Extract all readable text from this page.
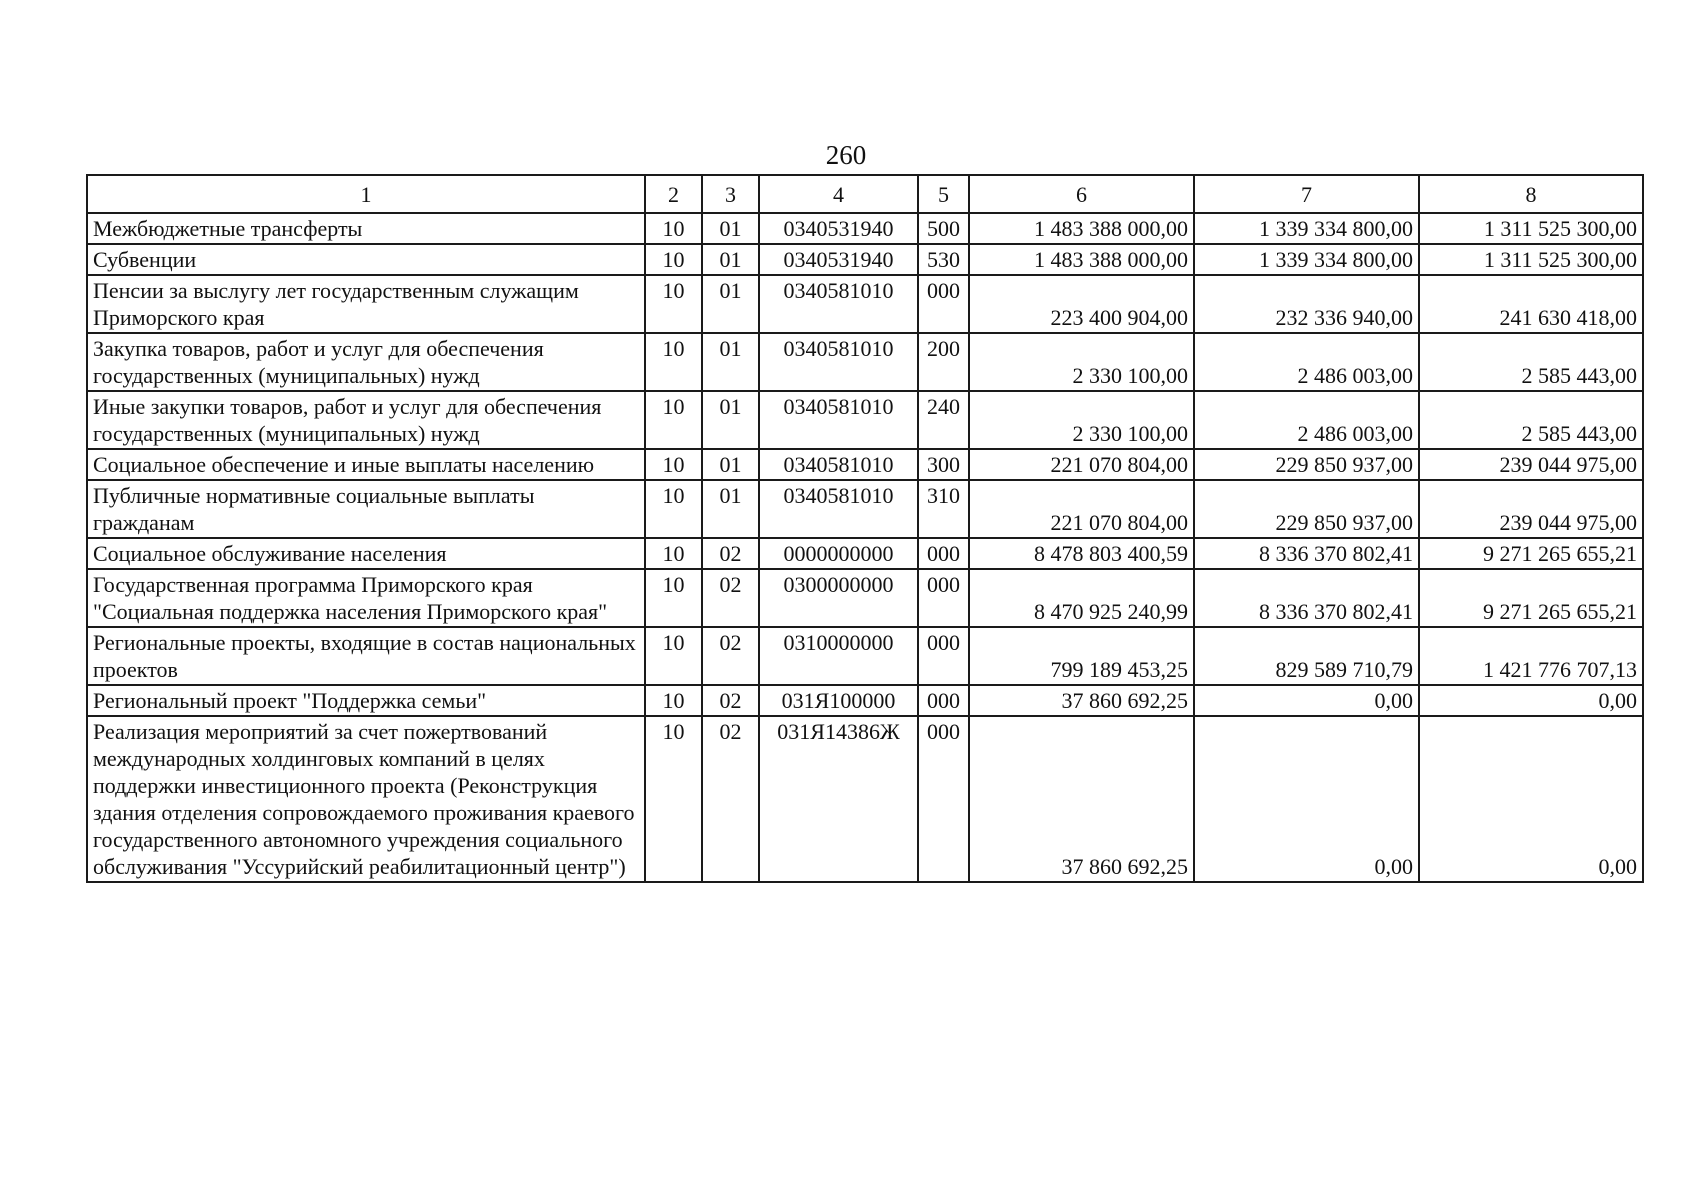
260
1	2	3	4	5	6	7	8
Межбюджетные трансферты	10	01	0340531940	500	1 483 388 000,00	1 339 334 800,00	1 311 525 300,00
Субвенции	10	01	0340531940	530	1 483 388 000,00	1 339 334 800,00	1 311 525 300,00
Пенсии за выслугу лет государственным служащим Приморского края	10	01	0340581010	000	223 400 904,00	232 336 940,00	241 630 418,00
Закупка товаров, работ и услуг для обеспечения государственных (муниципальных) нужд	10	01	0340581010	200	2 330 100,00	2 486 003,00	2 585 443,00
Иные закупки товаров, работ и услуг для обеспечения государственных (муниципальных) нужд	10	01	0340581010	240	2 330 100,00	2 486 003,00	2 585 443,00
Социальное обеспечение и иные выплаты населению	10	01	0340581010	300	221 070 804,00	229 850 937,00	239 044 975,00
Публичные нормативные социальные выплаты гражданам	10	01	0340581010	310	221 070 804,00	229 850 937,00	239 044 975,00
Социальное обслуживание населения	10	02	0000000000	000	8 478 803 400,59	8 336 370 802,41	9 271 265 655,21
Государственная программа Приморского края "Социальная поддержка населения Приморского края"	10	02	0300000000	000	8 470 925 240,99	8 336 370 802,41	9 271 265 655,21
Региональные проекты, входящие в состав национальных проектов	10	02	0310000000	000	799 189 453,25	829 589 710,79	1 421 776 707,13
Региональный проект "Поддержка семьи"	10	02	031Я100000	000	37 860 692,25	0,00	0,00
Реализация мероприятий за счет пожертвований международных холдинговых компаний в целях поддержки инвестиционного проекта (Реконструкция здания отделения сопровождаемого проживания краевого государственного автономного учреждения социального обслуживания "Уссурийский реабилитационный центр")	10	02	031Я14386Ж	000	37 860 692,25	0,00	0,00
